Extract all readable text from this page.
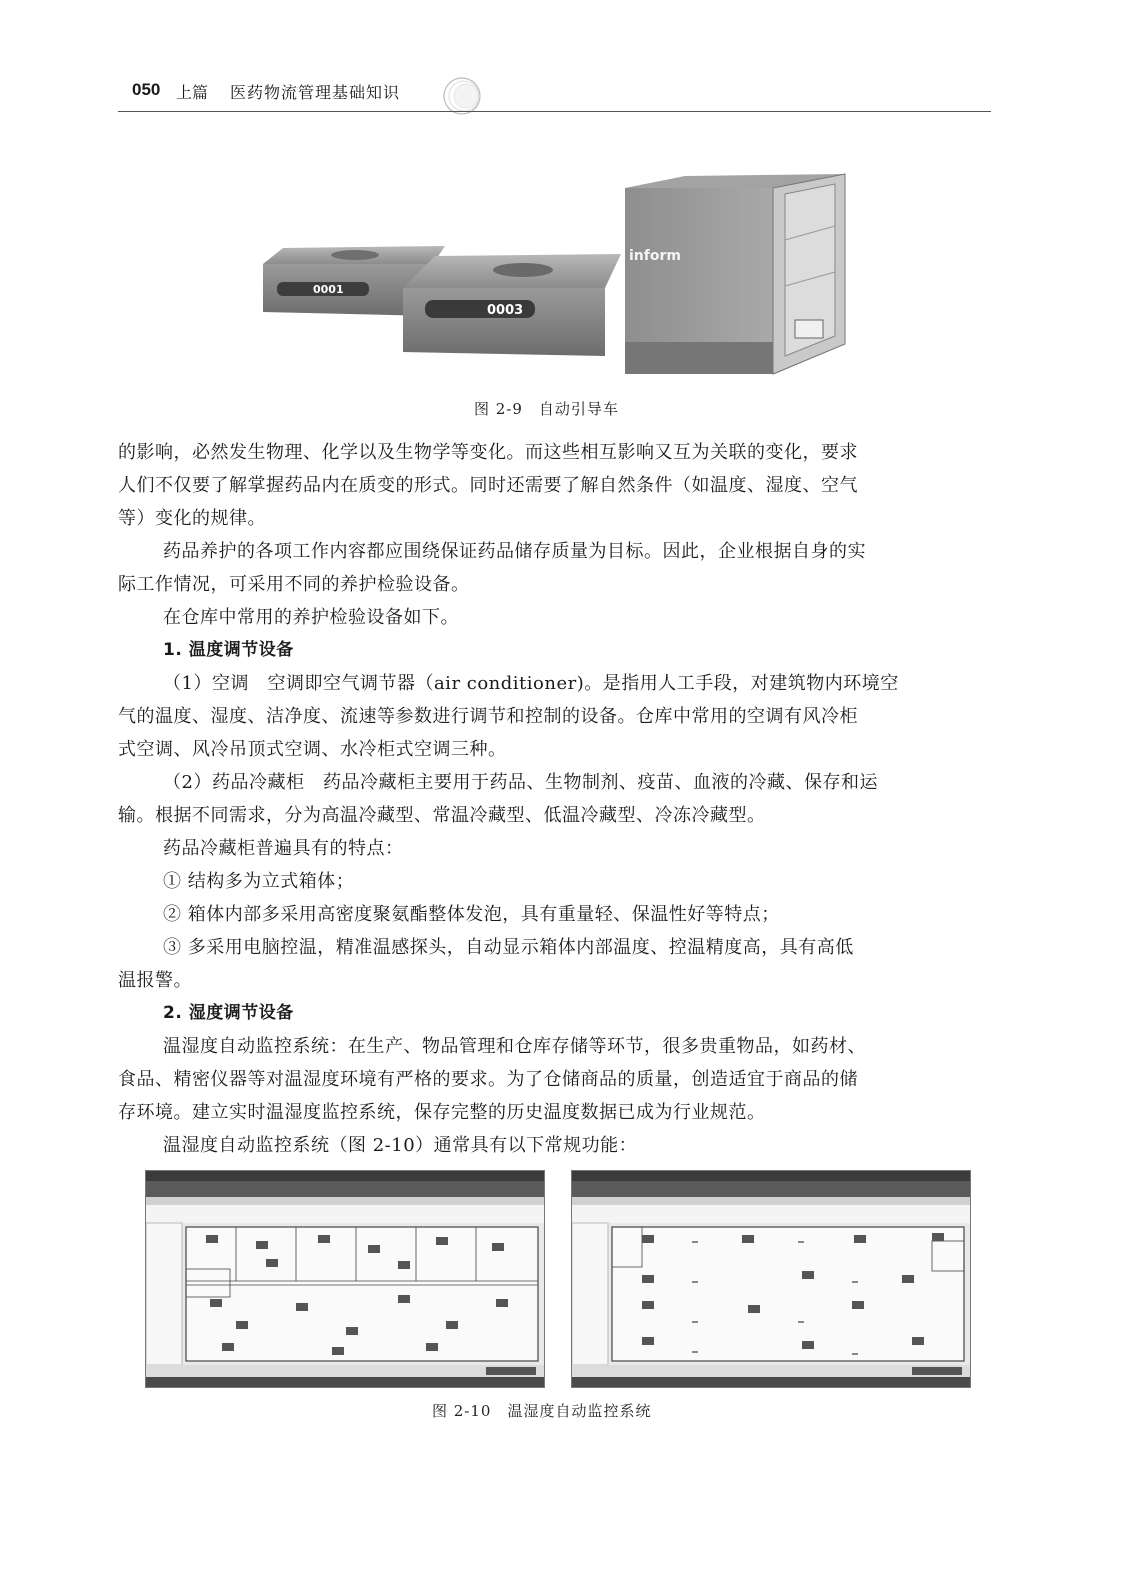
050 上篇 医药物流管理基础知识
0001
0003
inform
图 2-9　自动引导车
的影响，必然发生物理、化学以及生物学等变化。而这些相互影响又互为关联的变化，要求
人们不仅要了解掌握药品内在质变的形式。同时还需要了解自然条件（如温度、湿度、空气
等）变化的规律。
药品养护的各项工作内容都应围绕保证药品储存质量为目标。因此，企业根据自身的实
际工作情况，可采用不同的养护检验设备。
在仓库中常用的养护检验设备如下。
1. 温度调节设备
（1）空调　空调即空气调节器（air conditioner)。是指用人工手段，对建筑物内环境空
气的温度、湿度、洁净度、流速等参数进行调节和控制的设备。仓库中常用的空调有风冷柜
式空调、风冷吊顶式空调、水冷柜式空调三种。
（2）药品冷藏柜　药品冷藏柜主要用于药品、生物制剂、疫苗、血液的冷藏、保存和运
输。根据不同需求，分为高温冷藏型、常温冷藏型、低温冷藏型、冷冻冷藏型。
药品冷藏柜普遍具有的特点：
① 结构多为立式箱体；
② 箱体内部多采用高密度聚氨酯整体发泡，具有重量轻、保温性好等特点；
③ 多采用电脑控温，精准温感探头，自动显示箱体内部温度、控温精度高，具有高低
温报警。
2. 湿度调节设备
温湿度自动监控系统：在生产、物品管理和仓库存储等环节，很多贵重物品，如药材、
食品、精密仪器等对温湿度环境有严格的要求。为了仓储商品的质量，创造适宜于商品的储
存环境。建立实时温湿度监控系统，保存完整的历史温度数据已成为行业规范。
温湿度自动监控系统（图 2-10）通常具有以下常规功能：
图 2-10　温湿度自动监控系统
